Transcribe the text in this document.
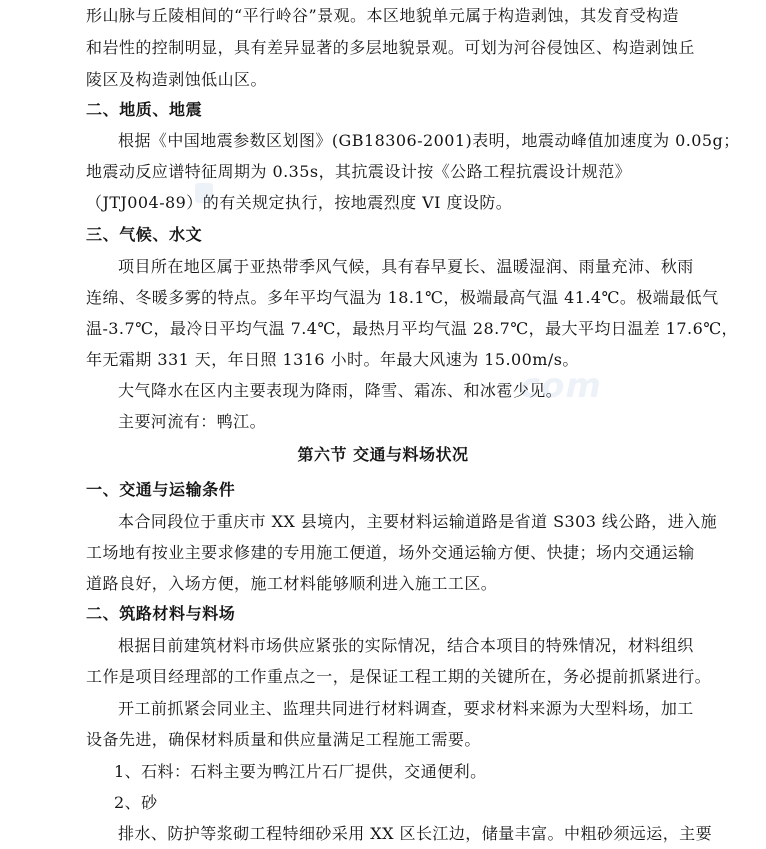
com
形山脉与丘陵相间的“平行岭谷”景观。本区地貌单元属于构造剥蚀，其发育受构造
和岩性的控制明显，具有差异显著的多层地貌景观。可划为河谷侵蚀区、构造剥蚀丘
陵区及构造剥蚀低山区。
二、地质、地震
根据《中国地震参数区划图》(GB18306-2001)表明，地震动峰值加速度为 0.05g；
地震动反应谱特征周期为 0.35s，其抗震设计按《公路工程抗震设计规范》
（JTJ004-89）的有关规定执行，按地震烈度 VI 度设防。
三、气候、水文
项目所在地区属于亚热带季风气候，具有春早夏长、温暖湿润、雨量充沛、秋雨
连绵、冬暖多雾的特点。多年平均气温为 18.1℃，极端最高气温 41.4℃。极端最低气
温-3.7℃，最冷日平均气温 7.4℃，最热月平均气温 28.7℃，最大平均日温差 17.6℃，
年无霜期 331 天，年日照 1316 小时。年最大风速为 15.00m/s。
大气降水在区内主要表现为降雨，降雪、霜冻、和冰雹少见。
主要河流有：鸭江。
第六节 交通与料场状况
一、交通与运输条件
本合同段位于重庆市 XX 县境内，主要材料运输道路是省道 S303 线公路，进入施
工场地有按业主要求修建的专用施工便道，场外交通运输方便、快捷；场内交通运输
道路良好，入场方便，施工材料能够顺利进入施工工区。
二、筑路材料与料场
根据目前建筑材料市场供应紧张的实际情况，结合本项目的特殊情况，材料组织
工作是项目经理部的工作重点之一，是保证工程工期的关键所在，务必提前抓紧进行。
开工前抓紧会同业主、监理共同进行材料调查，要求材料来源为大型料场，加工
设备先进，确保材料质量和供应量满足工程施工需要。
1、石料：石料主要为鸭江片石厂提供，交通便利。
2、砂
排水、防护等浆砌工程特细砂采用 XX 区长江边，储量丰富。中粗砂须远运，主要
